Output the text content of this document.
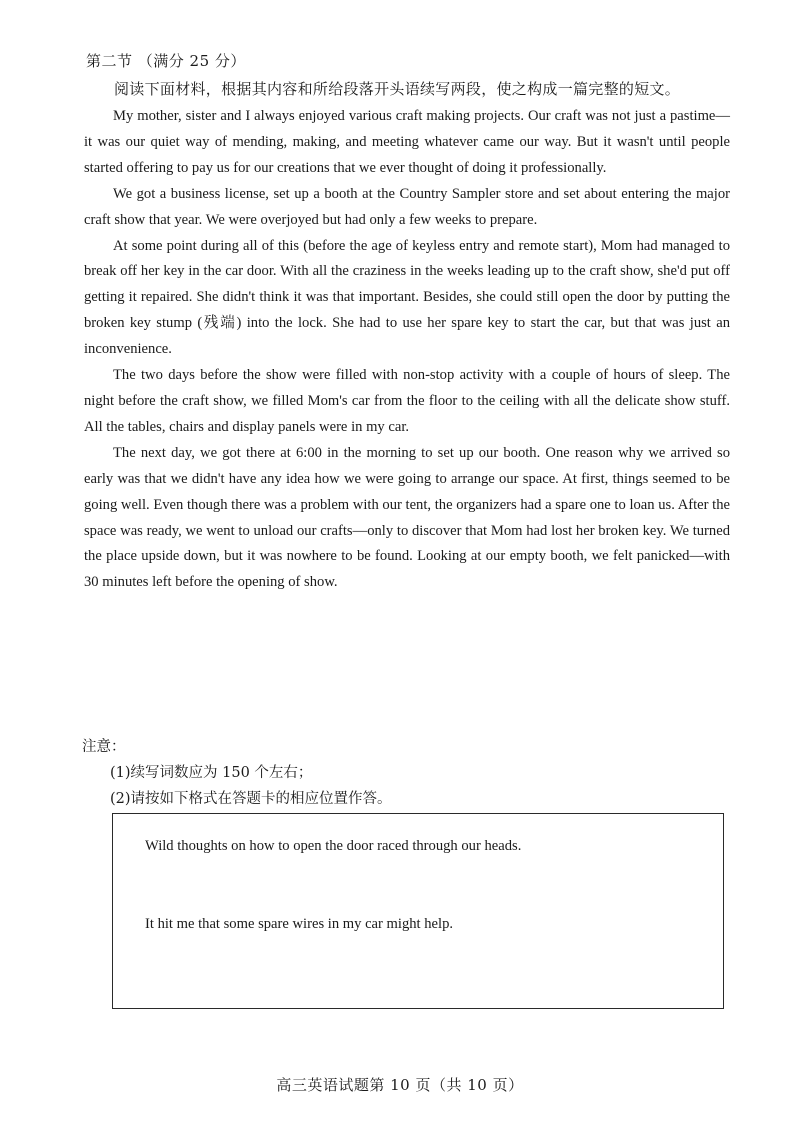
第二节 （满分 25 分）
阅读下面材料，根据其内容和所给段落开头语续写两段，使之构成一篇完整的短文。

My mother, sister and I always enjoyed various craft making projects. Our craft was not just a pastime—it was our quiet way of mending, making, and meeting whatever came our way. But it wasn't until people started offering to pay us for our creations that we ever thought of doing it professionally.

We got a business license, set up a booth at the Country Sampler store and set about entering the major craft show that year. We were overjoyed but had only a few weeks to prepare.

At some point during all of this (before the age of keyless entry and remote start), Mom had managed to break off her key in the car door. With all the craziness in the weeks leading up to the craft show, she'd put off getting it repaired. She didn't think it was that important. Besides, she could still open the door by putting the broken key stump (残端) into the lock. She had to use her spare key to start the car, but that was just an inconvenience.

The two days before the show were filled with non-stop activity with a couple of hours of sleep. The night before the craft show, we filled Mom's car from the floor to the ceiling with all the delicate show stuff. All the tables, chairs and display panels were in my car.

The next day, we got there at 6:00 in the morning to set up our booth. One reason why we arrived so early was that we didn't have any idea how we were going to arrange our space. At first, things seemed to be going well. Even though there was a problem with our tent, the organizers had a spare one to loan us. After the space was ready, we went to unload our crafts—only to discover that Mom had lost her broken key. We turned the place upside down, but it was nowhere to be found. Looking at our empty booth, we felt panicked—with 30 minutes left before the opening of show.

注意：
(1)续写词数应为 150 个左右；
(2)请按如下格式在答题卡的相应位置作答。
Wild thoughts on how to open the door raced through our heads.
It hit me that some spare wires in my car might help.
高三英语试题第 10 页（共 10 页）
